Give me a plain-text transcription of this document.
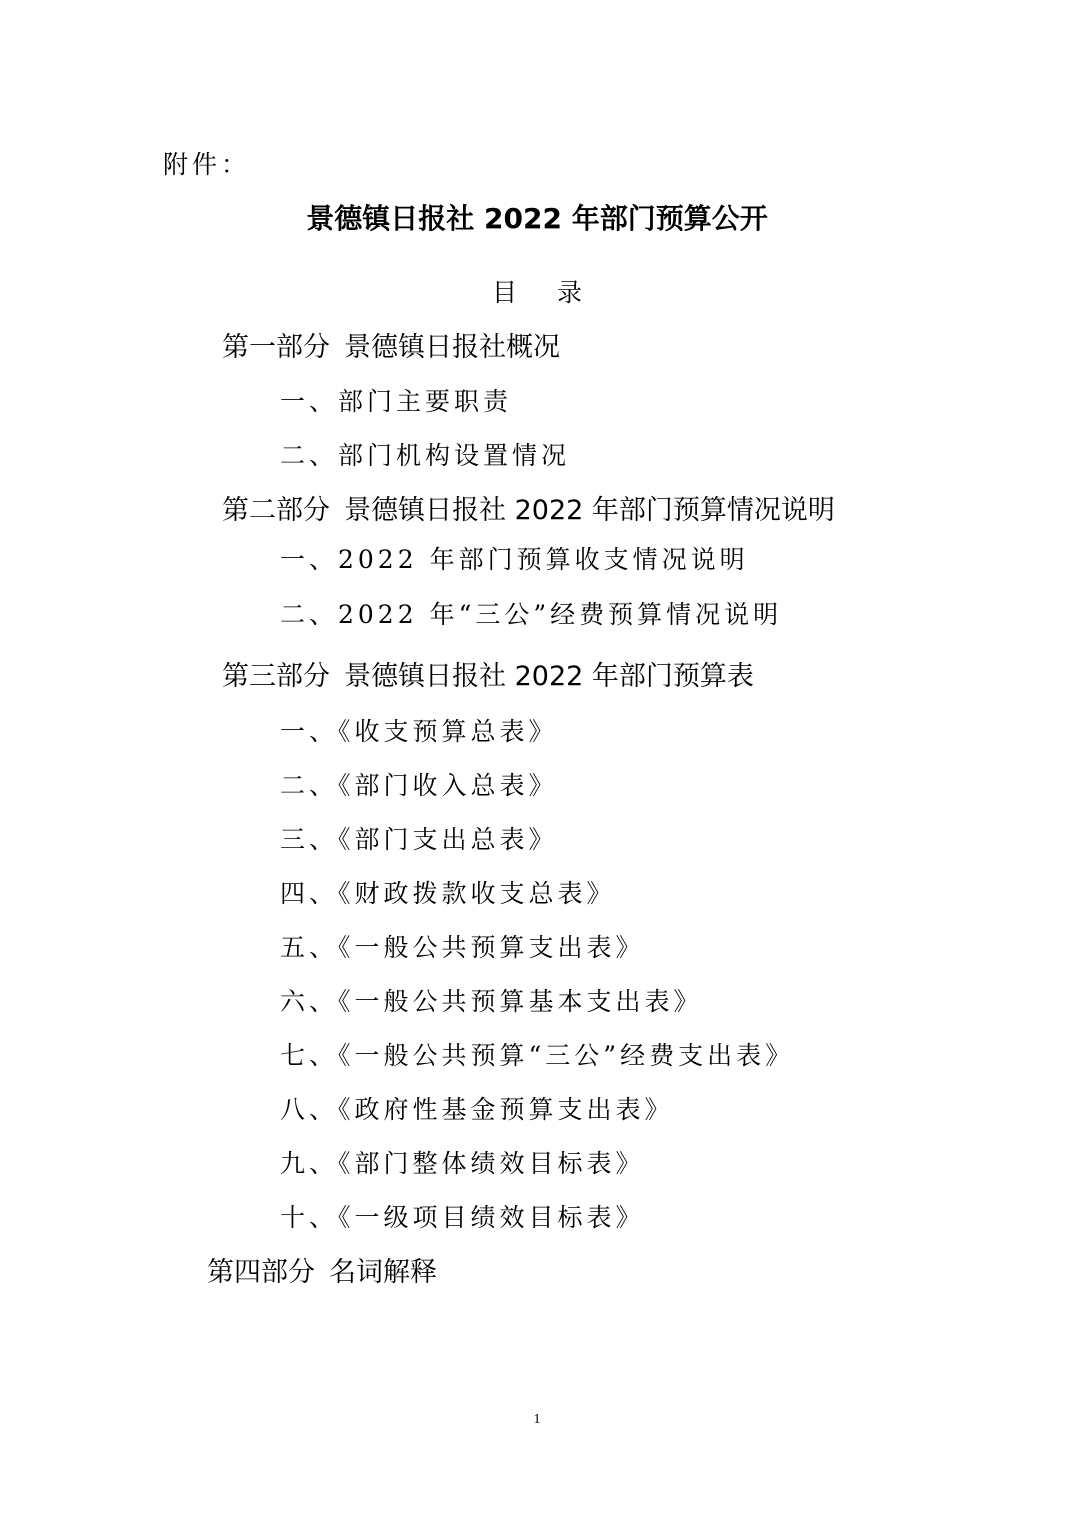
附件：
景德镇日报社 2022 年部门预算公开
目录
第一部分 景德镇日报社概况
一、部门主要职责
二、部门机构设置情况
第二部分 景德镇日报社 2022 年部门预算情况说明
一、2022 年部门预算收支情况说明
二、2022 年“三公”经费预算情况说明
第三部分 景德镇日报社 2022 年部门预算表
一、《收支预算总表》
二、《部门收入总表》
三、《部门支出总表》
四、《财政拨款收支总表》
五、《一般公共预算支出表》
六、《一般公共预算基本支出表》
七、《一般公共预算“三公”经费支出表》
八、《政府性基金预算支出表》
九、《部门整体绩效目标表》
十、《一级项目绩效目标表》
第四部分 名词解释
1
